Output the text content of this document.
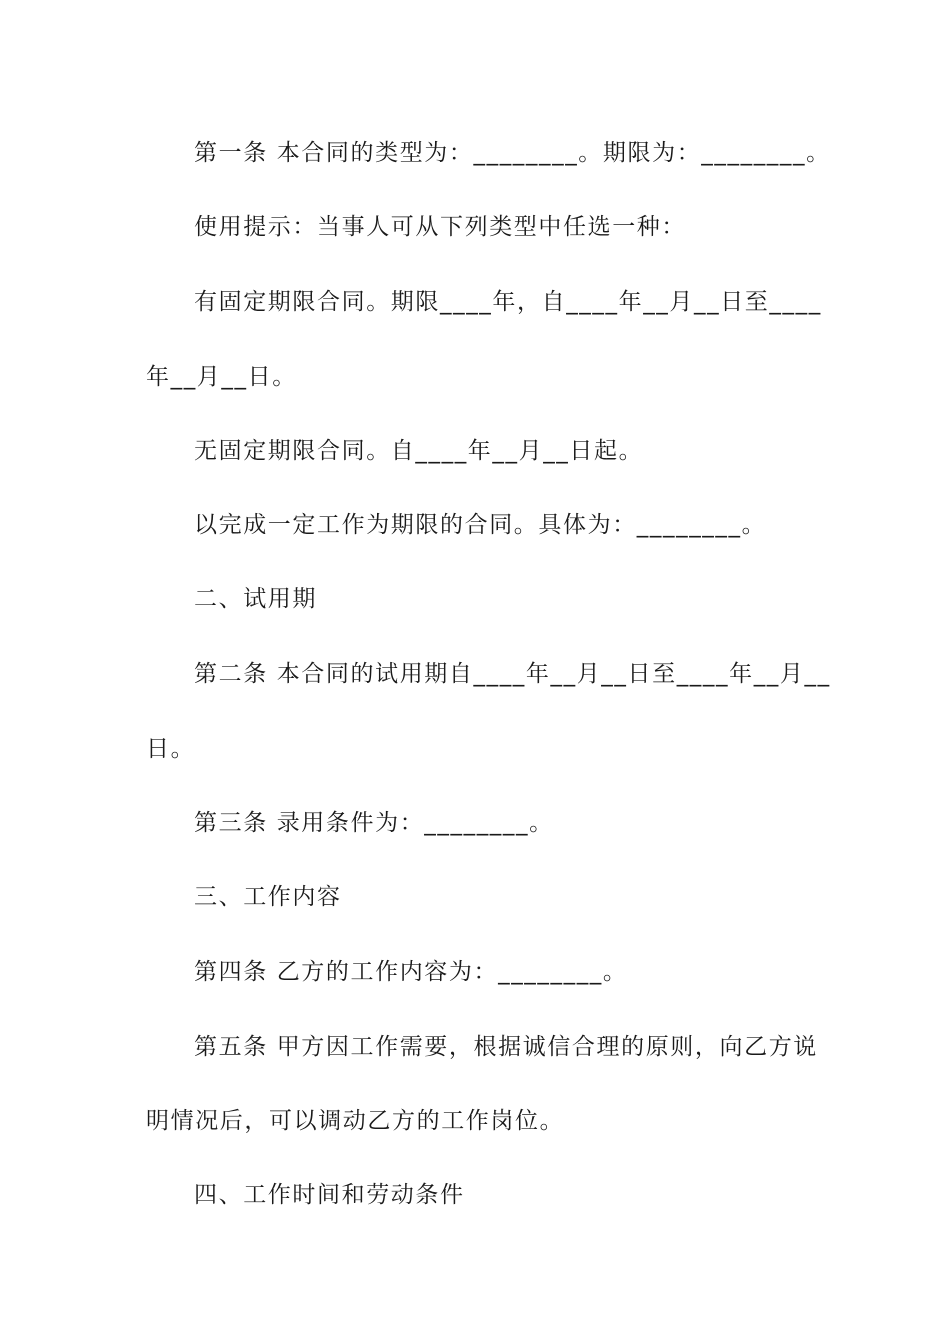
第一条 本合同的类型为：________。期限为：________。
使用提示：当事人可从下列类型中任选一种：
有固定期限合同。期限____年，自____年__月__日至____
年__月__日。
无固定期限合同。自____年__月__日起。
以完成一定工作为期限的合同。具体为：________。
二、试用期
第二条 本合同的试用期自____年__月__日至____年__月__
日。
第三条 录用条件为：________。
三、工作内容
第四条 乙方的工作内容为：________。
第五条 甲方因工作需要，根据诚信合理的原则，向乙方说
明情况后，可以调动乙方的工作岗位。
四、工作时间和劳动条件
